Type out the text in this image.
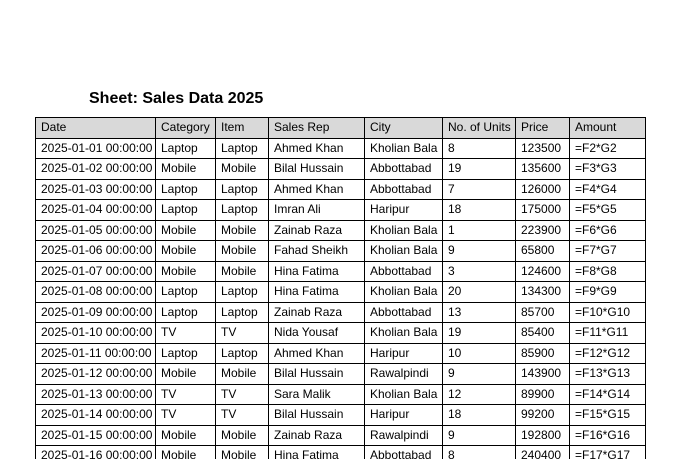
Sheet: Sales Data 2025
Date	Category	Item	Sales Rep	City	No. of Units	Price	Amount
2025-01-01 00:00:00	Laptop	Laptop	Ahmed Khan	Kholian Bala	8	123500	=F2*G2
2025-01-02 00:00:00	Mobile	Mobile	Bilal Hussain	Abbottabad	19	135600	=F3*G3
2025-01-03 00:00:00	Laptop	Laptop	Ahmed Khan	Abbottabad	7	126000	=F4*G4
2025-01-04 00:00:00	Laptop	Laptop	Imran Ali	Haripur	18	175000	=F5*G5
2025-01-05 00:00:00	Mobile	Mobile	Zainab Raza	Kholian Bala	1	223900	=F6*G6
2025-01-06 00:00:00	Mobile	Mobile	Fahad Sheikh	Kholian Bala	9	65800	=F7*G7
2025-01-07 00:00:00	Mobile	Mobile	Hina Fatima	Abbottabad	3	124600	=F8*G8
2025-01-08 00:00:00	Laptop	Laptop	Hina Fatima	Kholian Bala	20	134300	=F9*G9
2025-01-09 00:00:00	Laptop	Laptop	Zainab Raza	Abbottabad	13	85700	=F10*G10
2025-01-10 00:00:00	TV	TV	Nida Yousaf	Kholian Bala	19	85400	=F11*G11
2025-01-11 00:00:00	Laptop	Laptop	Ahmed Khan	Haripur	10	85900	=F12*G12
2025-01-12 00:00:00	Mobile	Mobile	Bilal Hussain	Rawalpindi	9	143900	=F13*G13
2025-01-13 00:00:00	TV	TV	Sara Malik	Kholian Bala	12	89900	=F14*G14
2025-01-14 00:00:00	TV	TV	Bilal Hussain	Haripur	18	99200	=F15*G15
2025-01-15 00:00:00	Mobile	Mobile	Zainab Raza	Rawalpindi	9	192800	=F16*G16
2025-01-16 00:00:00	Mobile	Mobile	Hina Fatima	Abbottabad	8	240400	=F17*G17
